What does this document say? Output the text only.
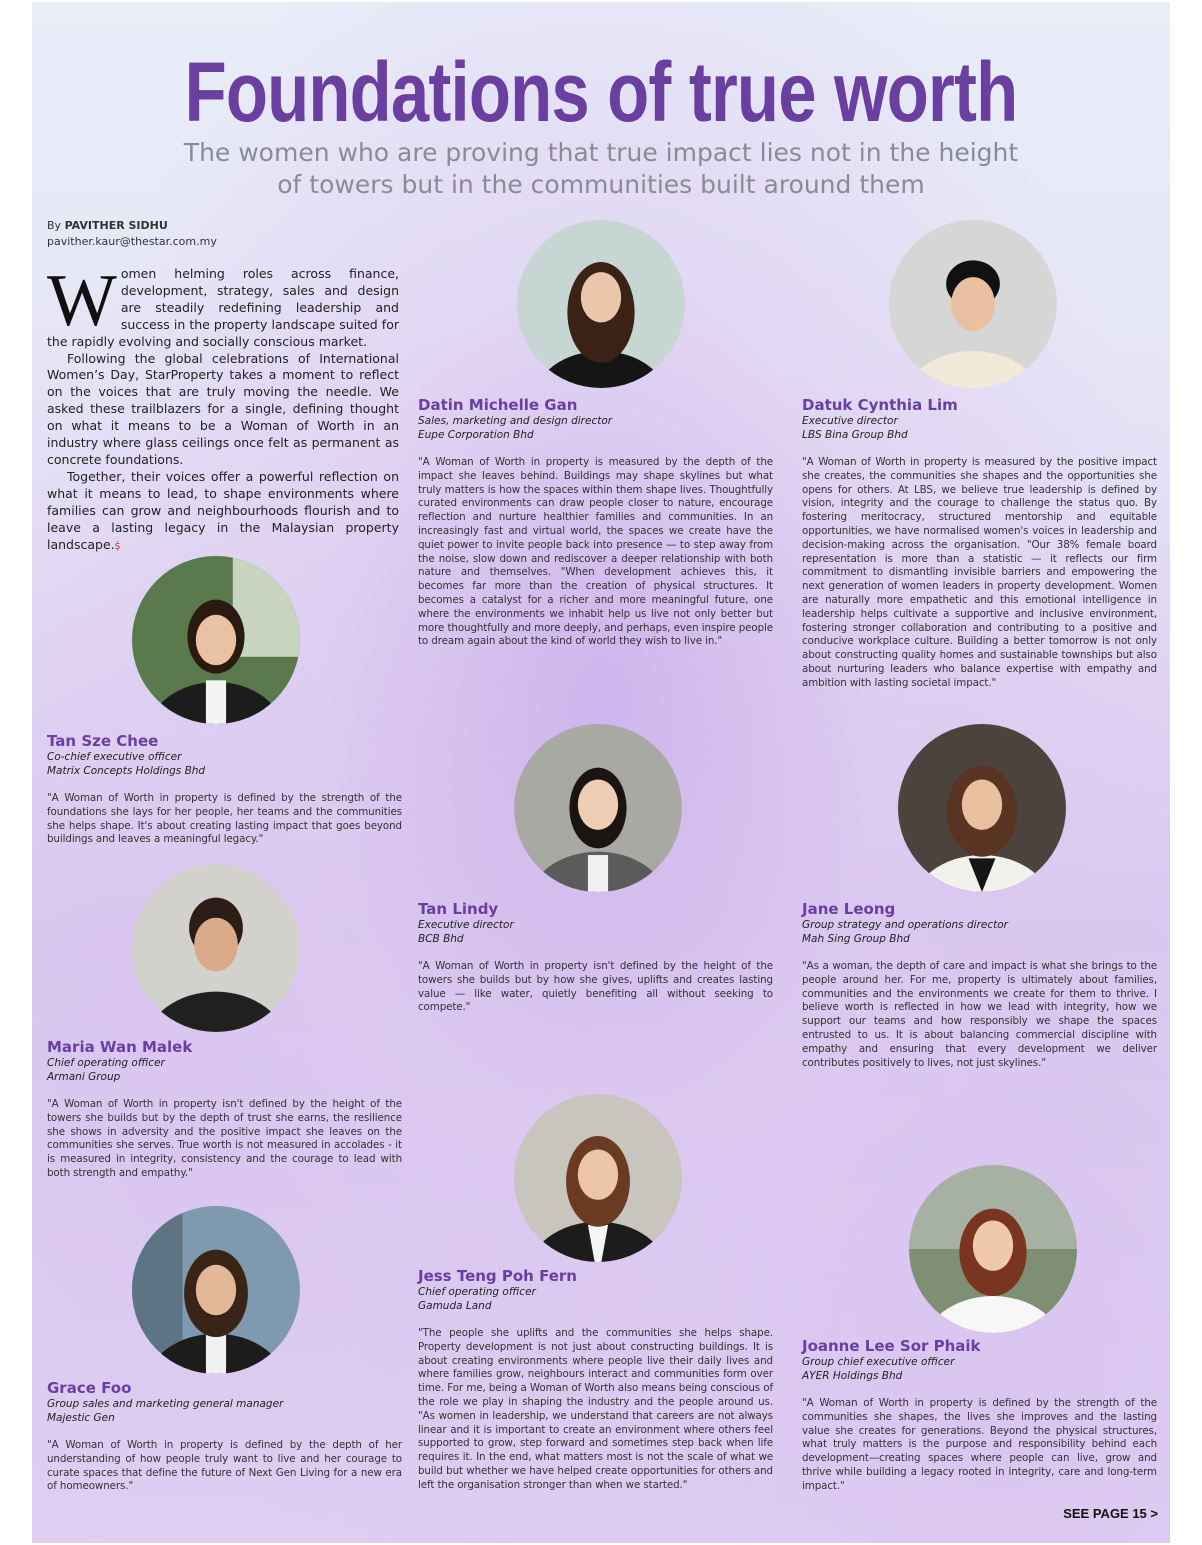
Foundations of true worth
The women who are proving that true impact lies not in the height of towers but in the communities built around them
By PAVITHER SIDHU
pavither.kaur@thestar.com.my

Women helming roles across finance, development, strategy, sales and design are steadily redefining leadership and success in the property landscape suited for the rapidly evolving and socially conscious market.

Following the global celebrations of International Women’s Day, StarProperty takes a moment to reflect on the voices that are truly moving the needle. We asked these trailblazers for a single, defining thought on what it means to be a Woman of Worth in an industry where glass ceilings once felt as permanent as concrete foundations.

Together, their voices offer a powerful reflection on what it means to lead, to shape environments where families can grow and neighbourhoods flourish and to leave a lasting legacy in the Malaysian property landscape.ṩ

Tan Sze Chee
Co-chief executive officer
Matrix Concepts Holdings Bhd
"A Woman of Worth in property is defined by the strength of the foundations she lays for her people, her teams and the communities she helps shape. It's about creating lasting impact that goes beyond buildings and leaves a meaningful legacy."
Maria Wan Malek
Chief operating officer
Armani Group
"A Woman of Worth in property isn't defined by the height of the towers she builds but by the depth of trust she earns, the resilience she shows in adversity and the positive impact she leaves on the communities she serves. True worth is not measured in accolades - it is measured in integrity, consistency and the courage to lead with both strength and empathy."
Grace Foo
Group sales and marketing general manager
Majestic Gen
"A Woman of Worth in property is defined by the depth of her understanding of how people truly want to live and her courage to curate spaces that define the future of Next Gen Living for a new era of homeowners."
Datin Michelle Gan
Sales, marketing and design director
Eupe Corporation Bhd
"A Woman of Worth in property is measured by the depth of the impact she leaves behind. Buildings may shape skylines but what truly matters is how the spaces within them shape lives. Thoughtfully curated environments can draw people closer to nature, encourage reflection and nurture healthier families and communities. In an increasingly fast and virtual world, the spaces we create have the quiet power to invite people back into presence — to step away from the noise, slow down and rediscover a deeper relationship with both nature and themselves. "When development achieves this, it becomes far more than the creation of physical structures. It becomes a catalyst for a richer and more meaningful future, one where the environments we inhabit help us live not only better but more thoughtfully and more deeply, and perhaps, even inspire people to dream again about the kind of world they wish to live in."
Tan Lindy
Executive director
BCB Bhd
"A Woman of Worth in property isn't defined by the height of the towers she builds but by how she gives, uplifts and creates lasting value — like water, quietly benefiting all without seeking to compete."
Jess Teng Poh Fern
Chief operating officer
Gamuda Land
"The people she uplifts and the communities she helps shape. Property development is not just about constructing buildings. It is about creating environments where people live their daily lives and where families grow, neighbours interact and communities form over time. For me, being a Woman of Worth also means being conscious of the role we play in shaping the industry and the people around us. "As women in leadership, we understand that careers are not always linear and it is important to create an environment where others feel supported to grow, step forward and sometimes step back when life requires it. In the end, what matters most is not the scale of what we build but whether we have helped create opportunities for others and left the organisation stronger than when we started."
Datuk Cynthia Lim
Executive director
LBS Bina Group Bhd
"A Woman of Worth in property is measured by the positive impact she creates, the communities she shapes and the opportunities she opens for others. At LBS, we believe true leadership is defined by vision, integrity and the courage to challenge the status quo. By fostering meritocracy, structured mentorship and equitable opportunities, we have normalised women's voices in leadership and decision-making across the organisation. "Our 38% female board representation is more than a statistic — it reflects our firm commitment to dismantling invisible barriers and empowering the next generation of women leaders in property development. Women are naturally more empathetic and this emotional intelligence in leadership helps cultivate a supportive and inclusive environment, fostering stronger collaboration and contributing to a positive and conducive workplace culture. Building a better tomorrow is not only about constructing quality homes and sustainable townships but also about nurturing leaders who balance expertise with empathy and ambition with lasting societal impact."
Jane Leong
Group strategy and operations director
Mah Sing Group Bhd
"As a woman, the depth of care and impact is what she brings to the people around her. For me, property is ultimately about families, communities and the environments we create for them to thrive. I believe worth is reflected in how we lead with integrity, how we support our teams and how responsibly we shape the spaces entrusted to us. It is about balancing commercial discipline with empathy and ensuring that every development we deliver contributes positively to lives, not just skylines."
Joanne Lee Sor Phaik
Group chief executive officer
AYER Holdings Bhd
"A Woman of Worth in property is defined by the strength of the communities she shapes, the lives she improves and the lasting value she creates for generations. Beyond the physical structures, what truly matters is the purpose and responsibility behind each development—creating spaces where people can live, grow and thrive while building a legacy rooted in integrity, care and long-term impact."
SEE PAGE 15 >
